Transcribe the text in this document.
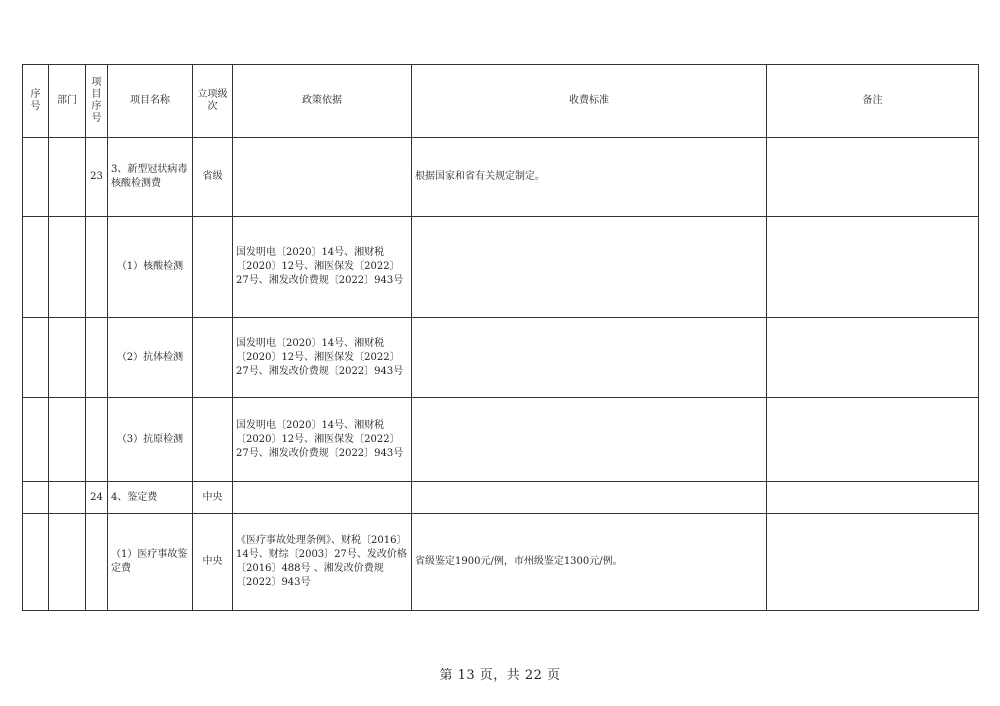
序号	部门	项目序号	项目名称	立项级次	政策依据	收费标准	备注
		23	3、新型冠状病毒核酸检测费	省级		根据国家和省有关规定制定。	
			（1）核酸检测		国发明电〔2020〕14号、湘财税〔2020〕12号、湘医保发〔2022〕27号、湘发改价费规〔2022〕943号		
			（2）抗体检测		国发明电〔2020〕14号、湘财税〔2020〕12号、湘医保发〔2022〕27号、湘发改价费规〔2022〕943号		
			（3）抗原检测		国发明电〔2020〕14号、湘财税〔2020〕12号、湘医保发〔2022〕27号、湘发改价费规〔2022〕943号		
		24	4、鉴定费	中央			
			（1）医疗事故鉴定费	中央	《医疗事故处理条例》、财税〔2016〕14号、财综〔2003〕27号、发改价格〔2016〕488号 、湘发改价费规〔2022〕943号	省级鉴定1900元/例，市州级鉴定1300元/例。	
第 13 页，共 22 页
